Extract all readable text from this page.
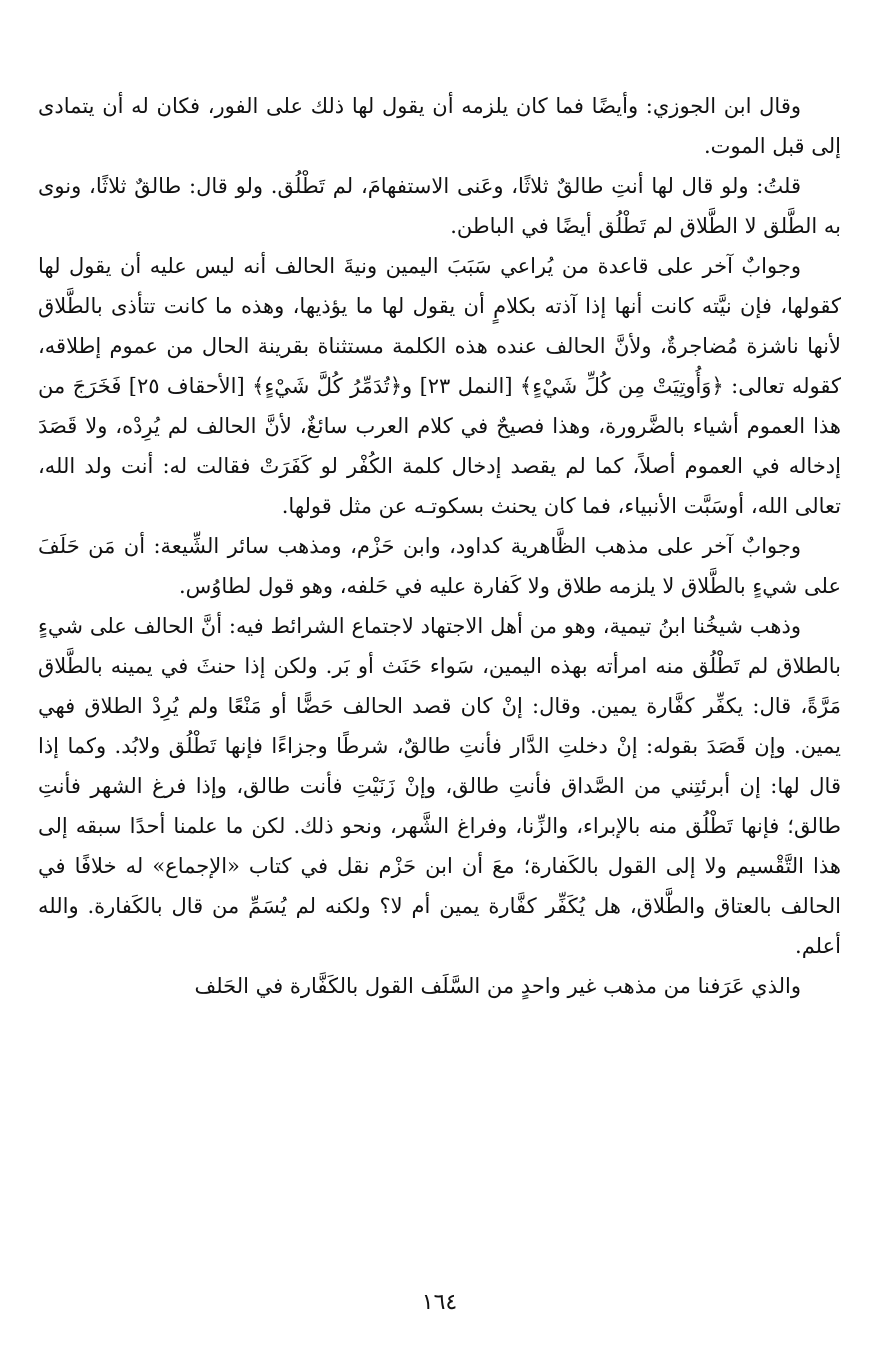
وقال ابن الجوزي: وأيضًا فما كان يلزمه أن يقول لها ذلك على الفور، فكان له أن يتمادى إلى قبل الموت.

قلتُ: ولو قال لها أنتِ طالقٌ ثلاثًا، وعَنى الاستفهامَ، لم تَطْلُق. ولو قال: طالقٌ ثلاثًا، ونوى به الطَّلق لا الطَّلاق لم تَطْلُق أيضًا في الباطن.

وجوابٌ آخر على قاعدة من يُراعي سَبَبَ اليمين ونيةَ الحالف أنه ليس عليه أن يقول لها كقولها، فإن نيَّته كانت أنها إذا آذته بكلامٍ أن يقول لها ما يؤذيها، وهذه ما كانت تتأذى بالطَّلاق لأنها ناشزة مُضاجرةٌ، ولأنَّ الحالف عنده هذه الكلمة مستثناة بقرينة الحال من عموم إطلاقه، كقوله تعالى: ﴿وَأُوتِيَتْ مِن كُلِّ شَيْءٍ﴾ [النمل ٢٣] و﴿تُدَمِّرُ كُلَّ شَيْءٍ﴾ [الأحقاف ٢٥] فَخَرَجَ من هذا العموم أشياء بالضَّرورة، وهذا فصيحٌ في كلام العرب سائغٌ، لأنَّ الحالف لم يُرِدْه، ولا قَصَدَ إدخاله في العموم أصلاً، كما لم يقصد إدخال كلمة الكُفْر لو كَفَرَتْ فقالت له: أنت ولد الله، تعالى الله، أوسَبَّت الأنبياء، فما كان يحنث بسكوتـه عن مثل قولها.

وجوابٌ آخر على مذهب الظَّاهرية كداود، وابن حَزْم، ومذهب سائر الشِّيعة: أن مَن حَلَفَ على شيءٍ بالطَّلاق لا يلزمه طلاق ولا كَفارة عليه في حَلفه، وهو قول لطاوُس.

وذهب شيخُنا ابنُ تيمية، وهو من أهل الاجتهاد لاجتماع الشرائط فيه: أنَّ الحالف على شيءٍ بالطلاق لم تَطْلُق منه امرأته بهذه اليمين، سَواء حَنَث أو بَر. ولكن إذا حنثَ في يمينه بالطَّلاق مَرَّةً، قال: يكفِّر كفَّارة يمين. وقال: إنْ كان قصد الحالف حَضًّا أو مَنْعًا ولم يُرِدْ الطلاق فهي يمين. وإن قَصَدَ بقوله: إنْ دخلتِ الدَّار فأنتِ طالقٌ، شرطًا وجزاءًا فإنها تَطْلُق ولابُد. وكما إذا قال لها: إن أبرئتِني من الصَّداق فأنتِ طالق، وإنْ زَنَيْتِ فأنت طالق، وإذا فرغ الشهر فأنتِ طالق؛ فإنها تَطْلُق منه بالإبراء، والزِّنا، وفراغ الشَّهر، ونحو ذلك. لكن ما علمنا أحدًا سبقه إلى هذا التَّقْسيم ولا إلى القول بالكَفارة؛ معَ أن ابن حَزْم نقل في كتاب «الإجماع» له خلافًا في الحالف بالعتاق والطَّلاق، هل يُكَفِّر كفَّارة يمين أم لا؟ ولكنه لم يُسَمِّ من قال بالكَفارة. والله أعلم.

والذي عَرَفنا من مذهب غير واحدٍ من السَّلَف القول بالكَفَّارة في الحَلف

١٦٤
